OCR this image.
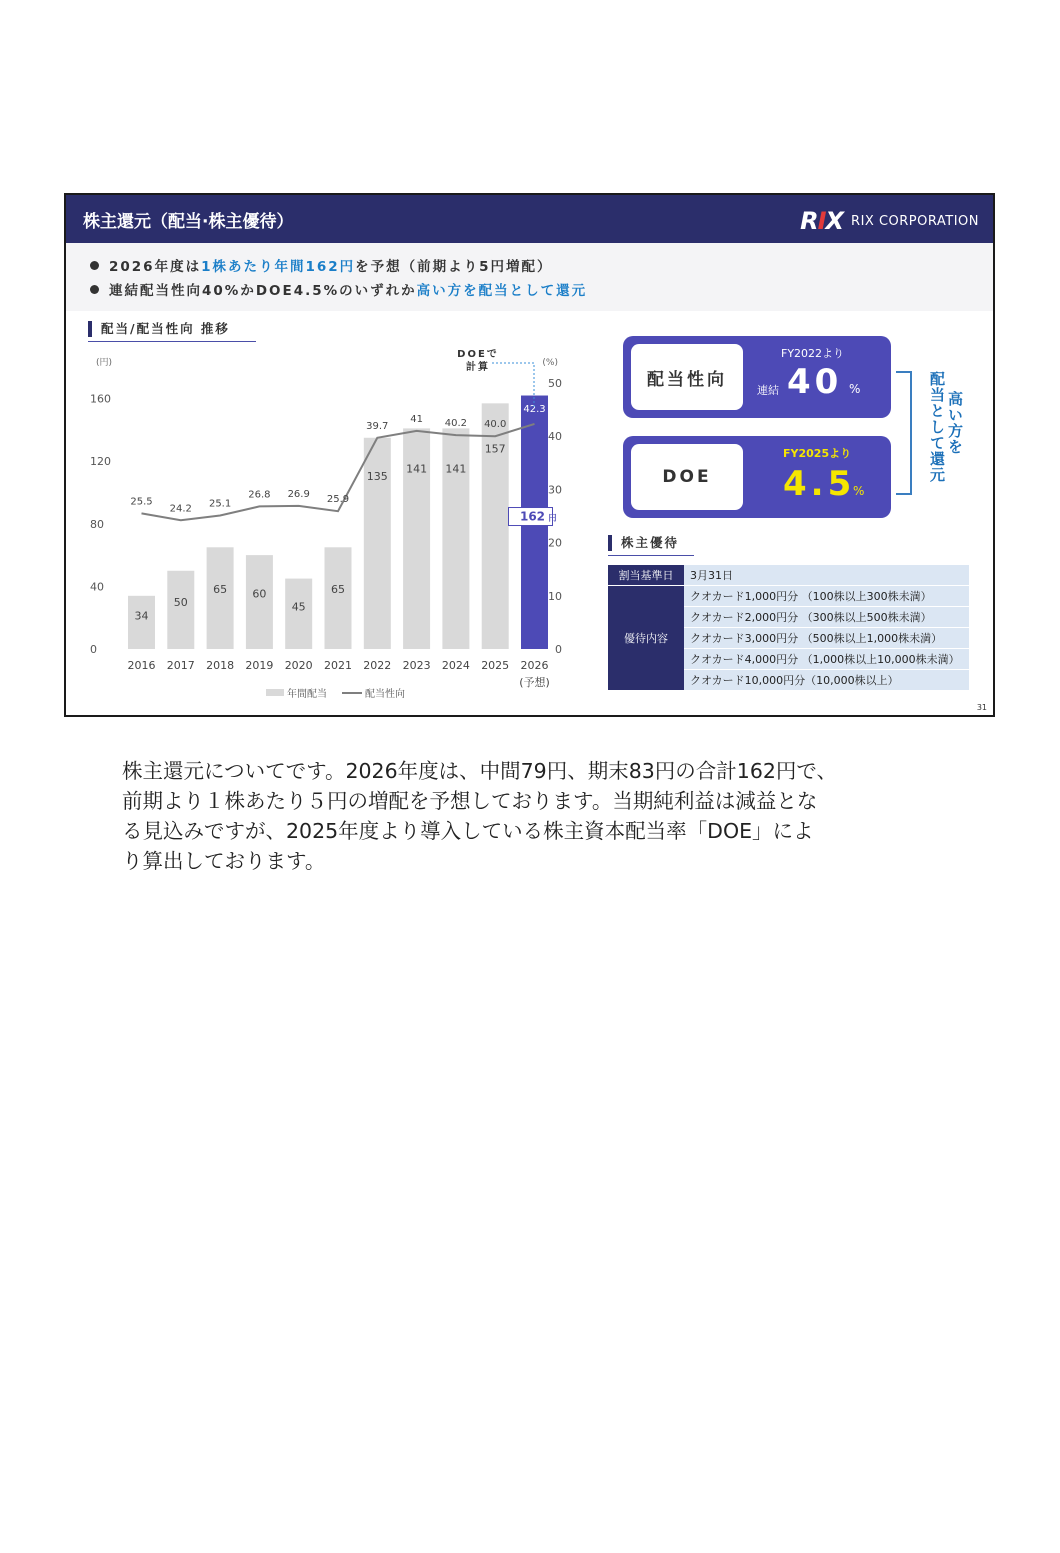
株主還元（配当·株主優待）	RIX RIX CORPORATION
2026年度は1株あたり年間162円を予想（前期より5円増配）
連結配当性向40%かDOE4.5%のいずれか高い方を配当として還元
配当/配当性向 推移
(円)	(%)
0
40
80
120
160
0
10
20
30
40
50
34
50
65 60
45
65
135
141 141
157
162 円
25.5
24.2 25.1
26.8 26.9 25.9
39.7
41 40.2 40.0
42.3
2016 2017 2018 2019 2020 2021 2022 2023 2024 2025 2026
(予想)
DOEで
計算
年間配当	配当性向
配当性向
FY2022より
連結 40 %
DOE
FY2025より
4.5
%
高い方を
配当として還元
株主優待
割当基準日	3月31日
優待内容	クオカード1,000円分 （100株以上300株未満）
	クオカード2,000円分 （300株以上500株未満）
	クオカード3,000円分 （500株以上1,000株未満）
	クオカード4,000円分 （1,000株以上10,000株未満）
	クオカード10,000円分（10,000株以上）
31
株主還元についてです。2026年度は、中間79円、期末83円の合計162円で、
前期より１株あたり５円の増配を予想しております。当期純利益は減益とな
る見込みですが、2025年度より導入している株主資本配当率「DOE」によ
り算出しております。
